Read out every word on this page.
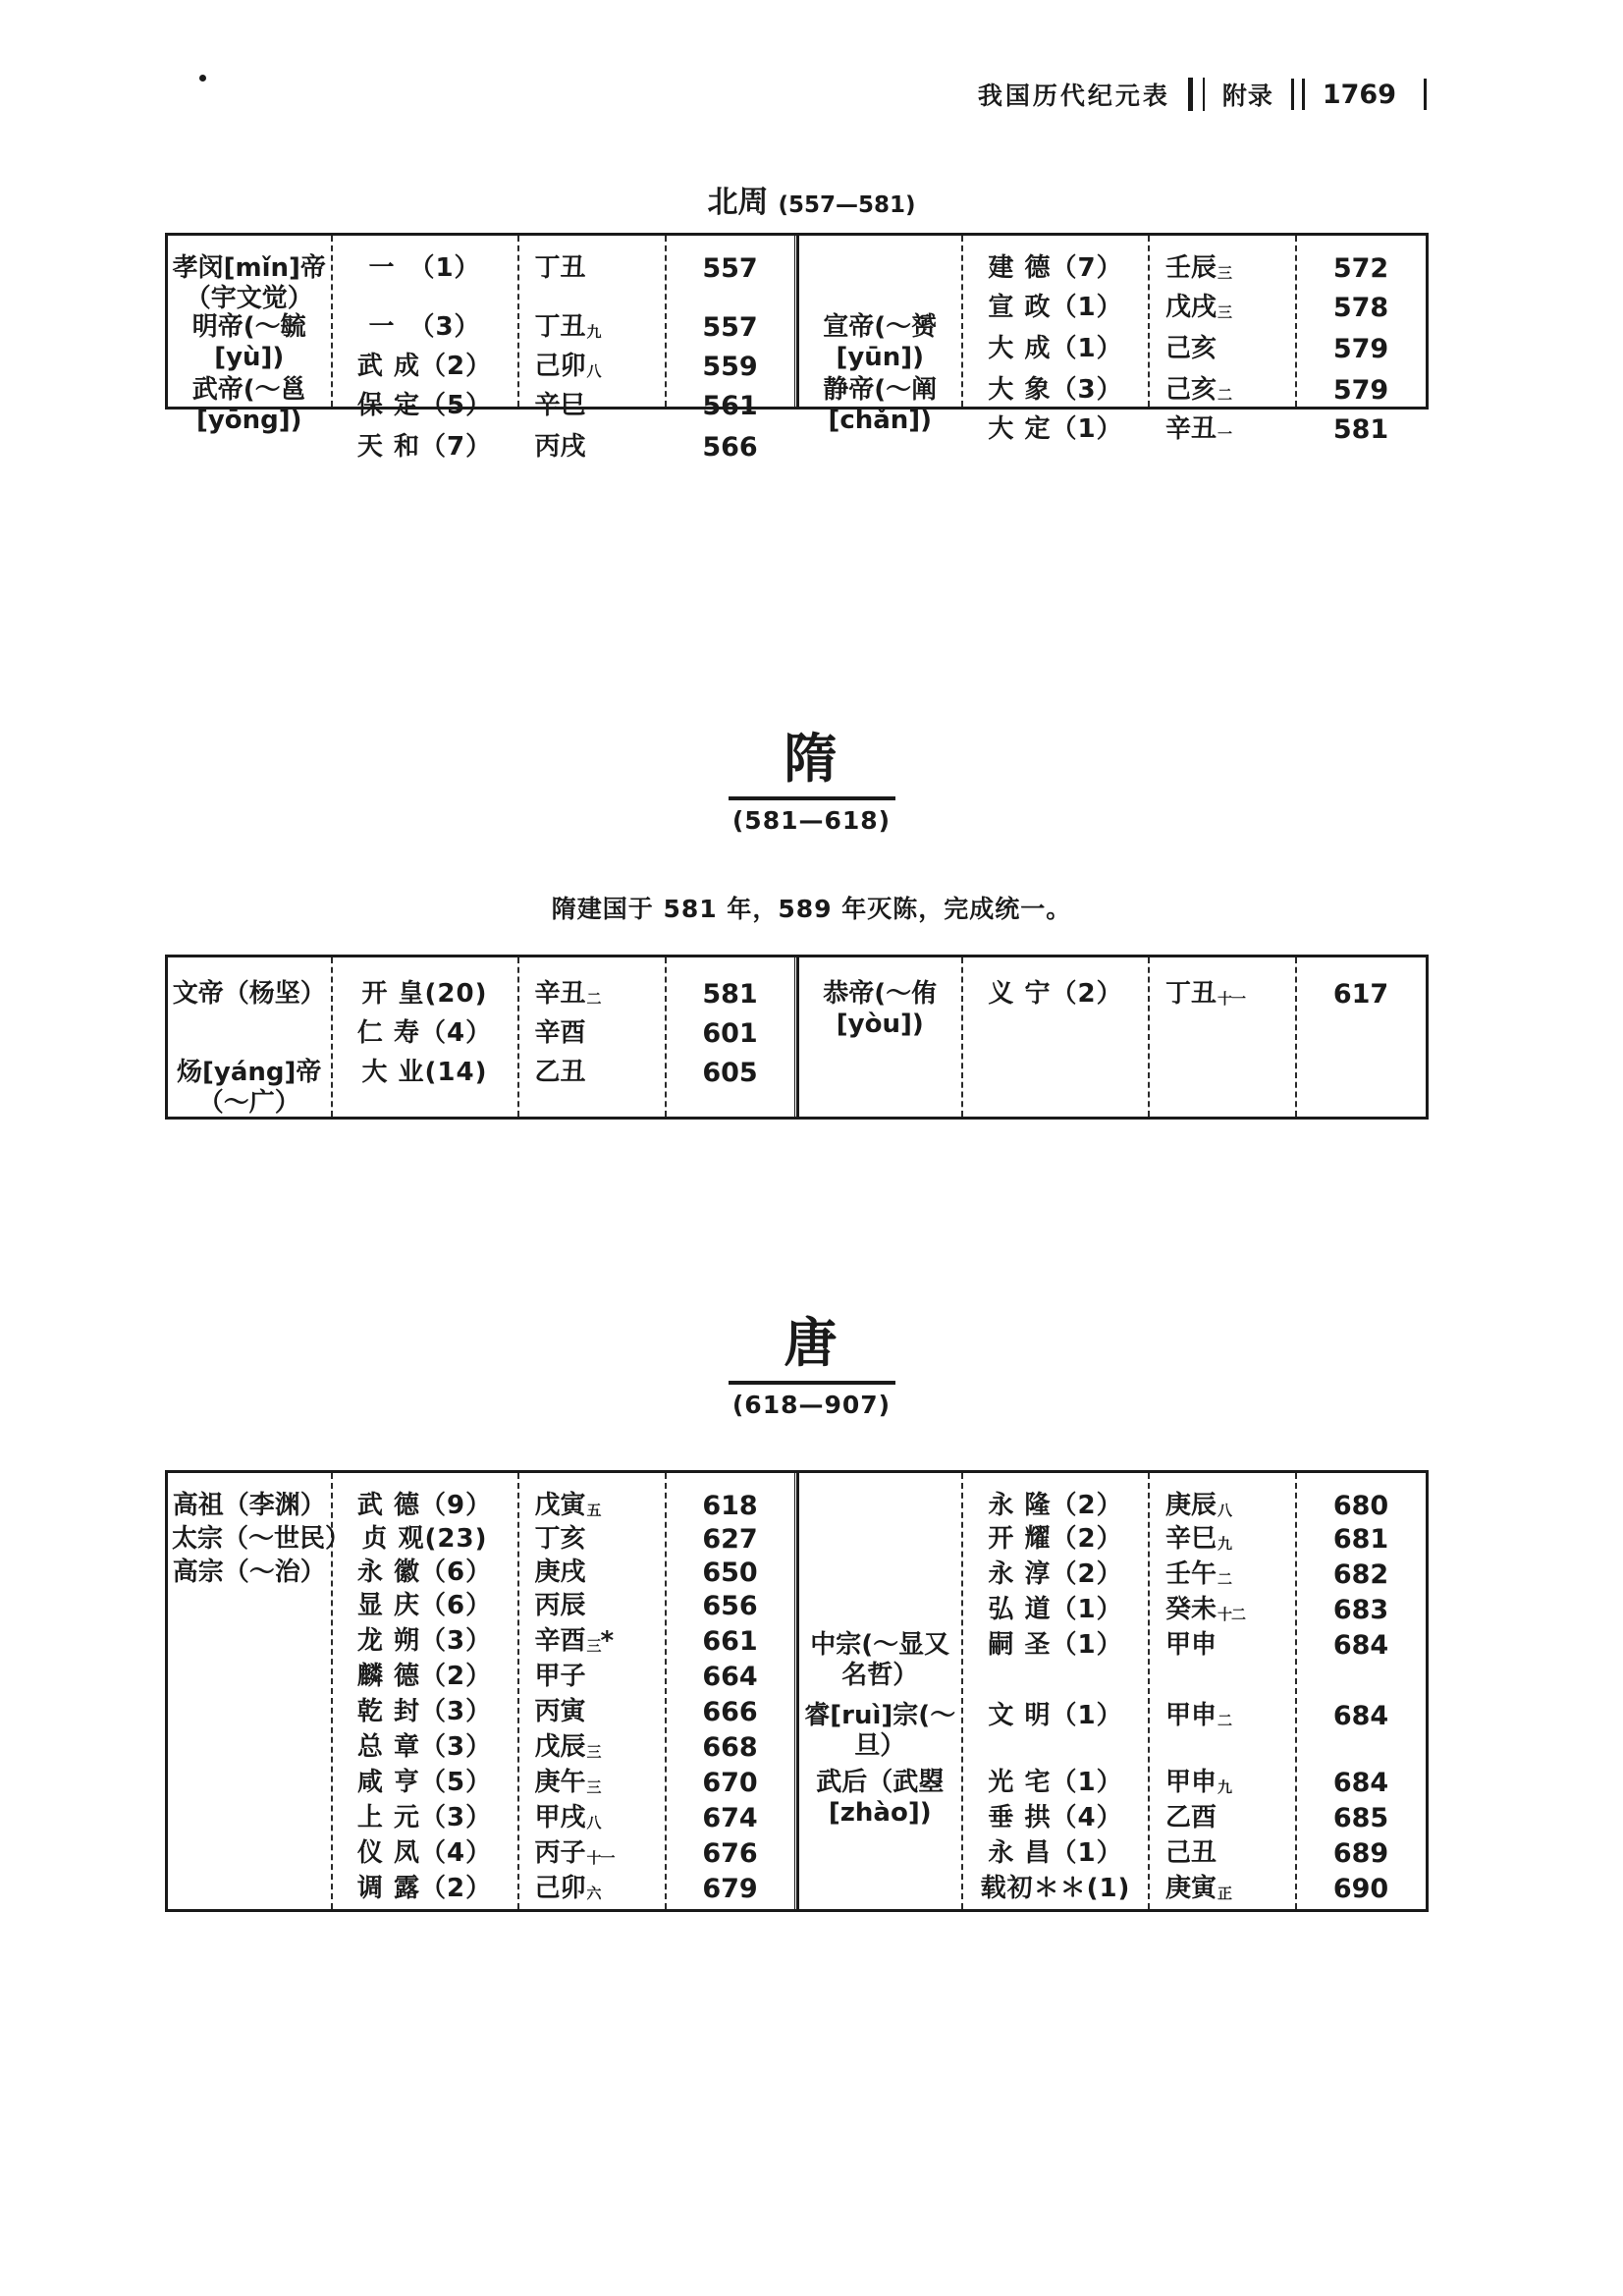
我国历代纪元表 附录 1769
北周 (557—581)
孝闵[mǐn]帝
（宇文觉）
明帝(～毓
[yù])
武帝(～邕
[yōng])
一　（1）
一　（3）
武 成（2）
保 定（5）
天 和（7）
丁丑
丁丑九
己卯八
辛巳
丙戌
557
557
559
561
566
宣帝(～赟
[yūn])
静帝(～阐
[chǎn])
建 德（7）
宣 政（1）
大 成（1）
大 象（3）
大 定（1）
壬辰三
戊戌三
己亥
己亥二
辛丑一
572
578
579
579
581
隋
(581—618)
隋建国于 581 年，589 年灭陈，完成统一。
文帝（杨坚）
炀[yáng]帝
（～广）
开 皇(20)
仁 寿（4）
大 业(14)
辛丑二
辛酉
乙丑
581
601
605
恭帝(～侑
[yòu])
义 宁（2）	丁丑十一	617
唐
(618—907)
高祖（李渊）
太宗（～世民）
高宗（～治）
武 德（9）
贞 观(23)
永 徽（6）
显 庆（6）
龙 朔（3）
麟 德（2）
乾 封（3）
总 章（3）
咸 亨（5）
上 元（3）
仪 凤（4）
调 露（2）
戊寅五
丁亥
庚戌
丙辰
辛酉三*
甲子
丙寅
戊辰三
庚午三
甲戌八
丙子十一
己卯六
618
627
650
656
661
664
666
668
670
674
676
679
中宗(～显又
名哲）
睿[ruì]宗(～
旦）
武后（武曌
[zhào])
永 隆（2）
开 耀（2）
永 淳（2）
弘 道（1）
嗣 圣（1）
文 明（1）
光 宅（1）
垂 拱（4）
永 昌（1）
载初＊＊(1)
庚辰八
辛巳九
壬午二
癸未十二
甲申
甲申二
甲申九
乙酉
己丑
庚寅正
680
681
682
683
684
684
684
685
689
690
